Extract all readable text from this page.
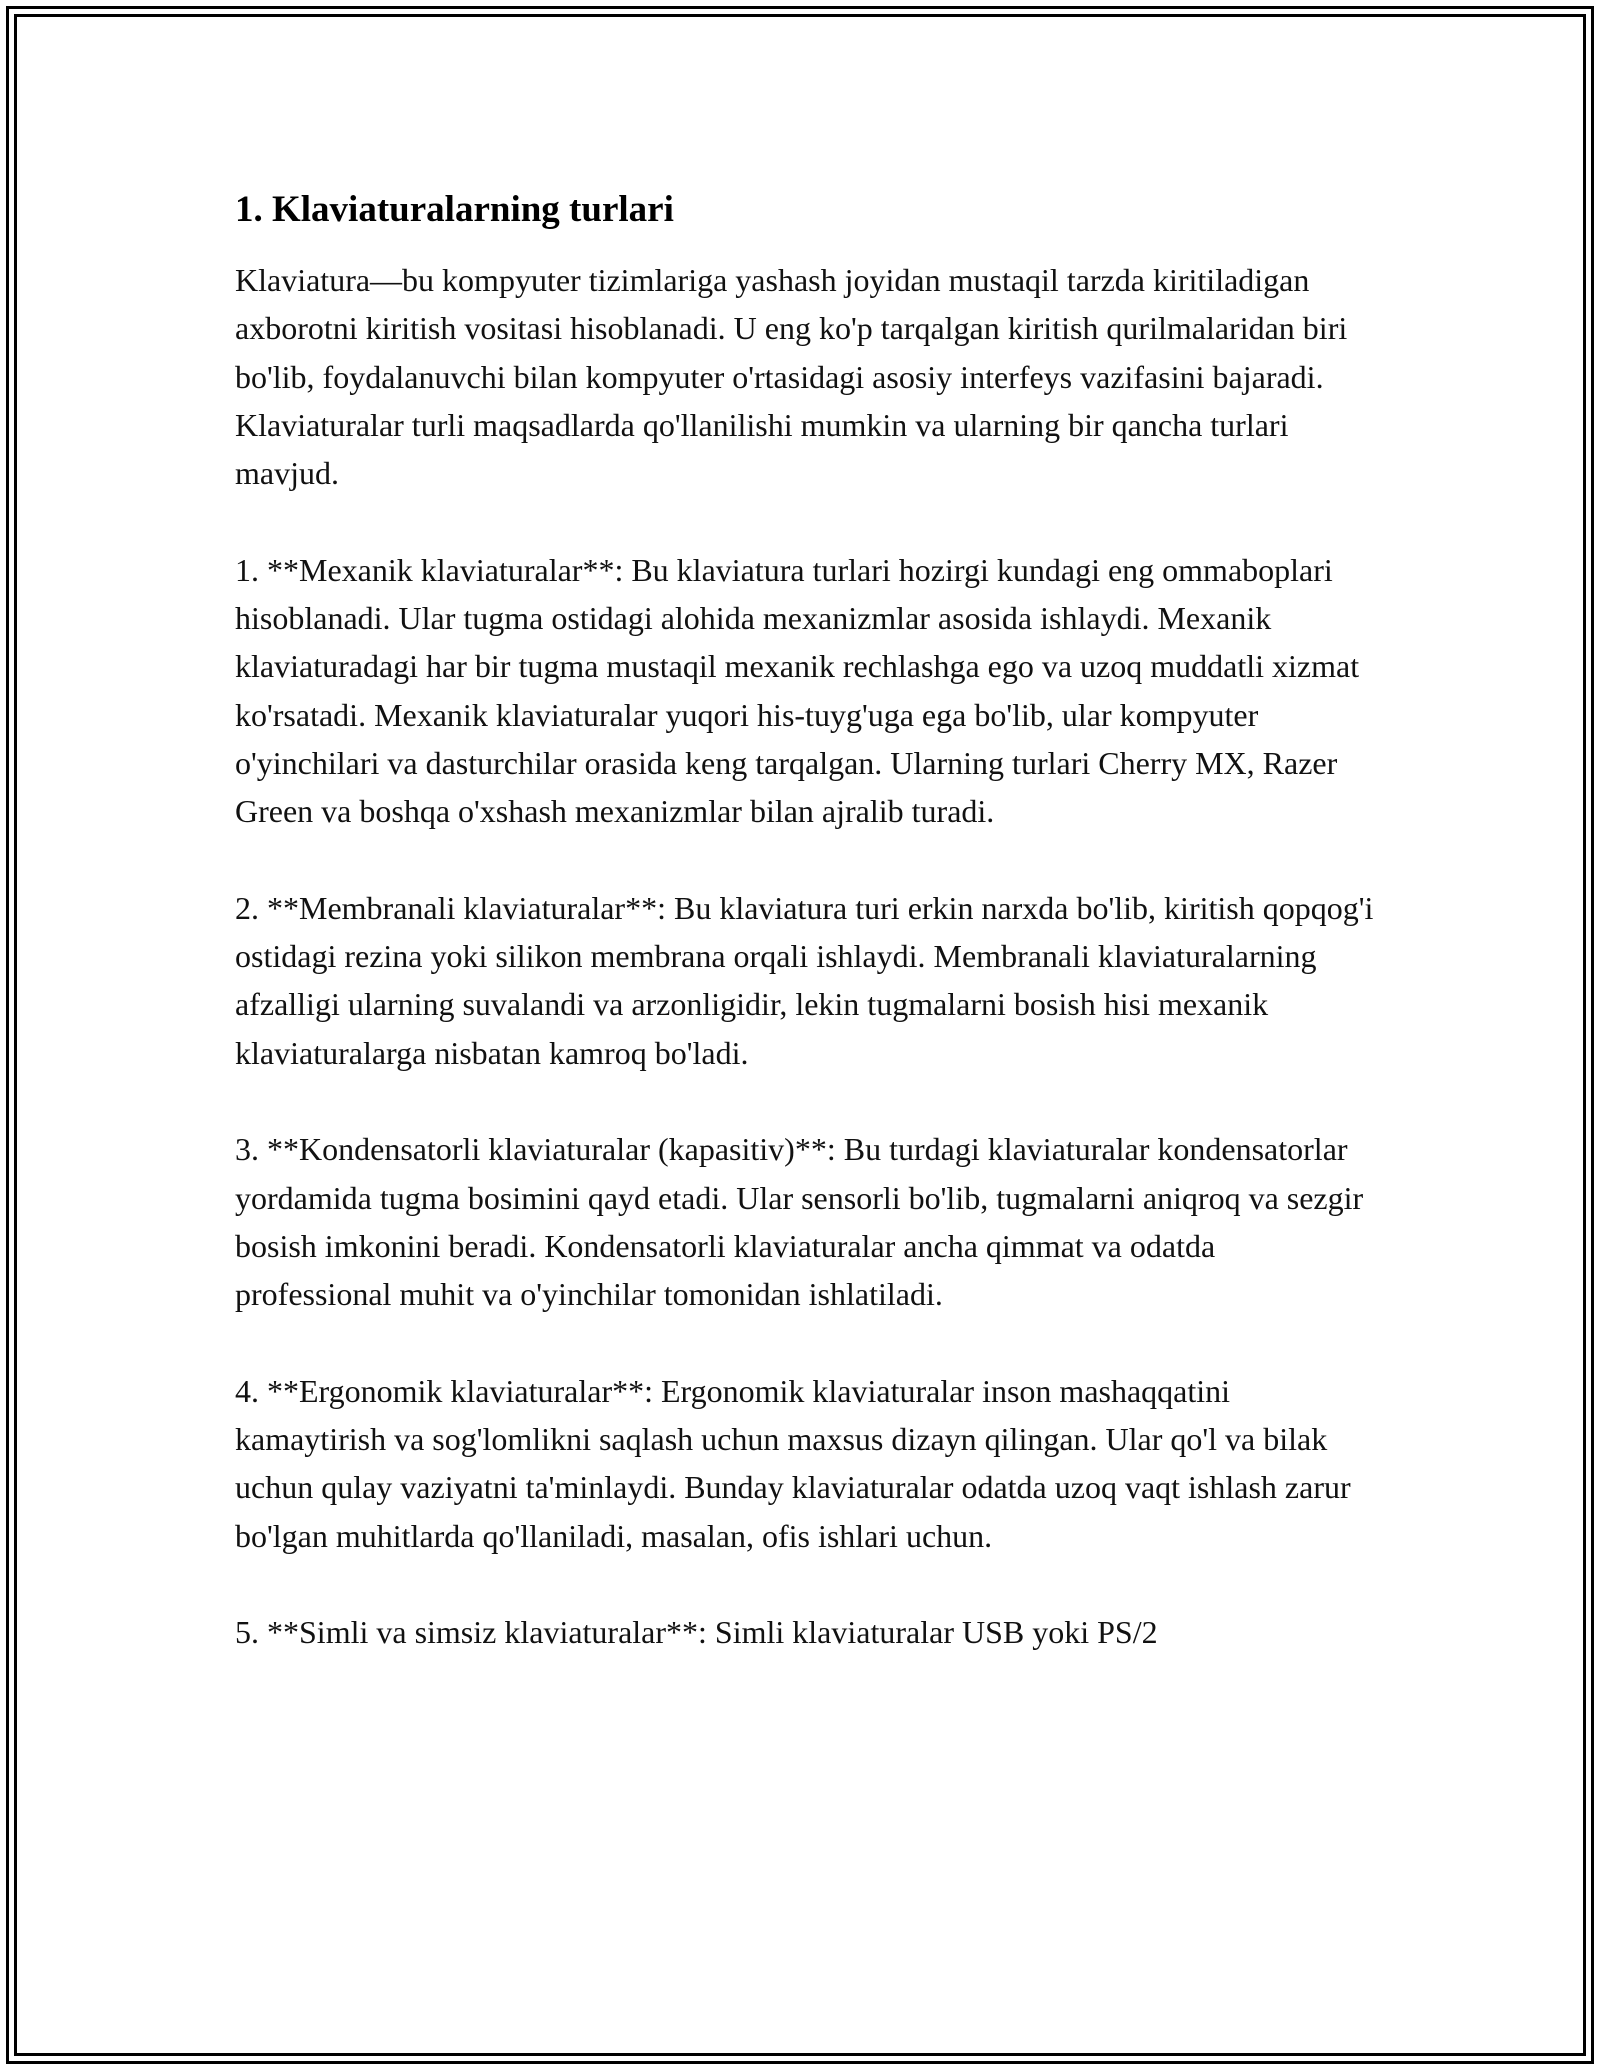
1. Klaviaturalarning turlari

Klaviatura—bu kompyuter tizimlariga yashash joyidan mustaqil tarzda kiritiladigan axborotni kiritish vositasi hisoblanadi. U eng ko'p tarqalgan kiritish qurilmalaridan biri bo'lib, foydalanuvchi bilan kompyuter o'rtasidagi asosiy interfeys vazifasini bajaradi. Klaviaturalar turli maqsadlarda qo'llanilishi mumkin va ularning bir qancha turlari mavjud.

1. **Mexanik klaviaturalar**: Bu klaviatura turlari hozirgi kundagi eng ommaboplari hisoblanadi. Ular tugma ostidagi alohida mexanizmlar asosida ishlaydi. Mexanik klaviaturadagi har bir tugma mustaqil mexanik rechlashga ego va uzoq muddatli xizmat ko'rsatadi. Mexanik klaviaturalar yuqori his-tuyg'uga ega bo'lib, ular kompyuter o'yinchilari va dasturchilar orasida keng tarqalgan. Ularning turlari Cherry MX, Razer Green va boshqa o'xshash mexanizmlar bilan ajralib turadi.

2. **Membranali klaviaturalar**: Bu klaviatura turi erkin narxda bo'lib, kiritish qopqog'i ostidagi rezina yoki silikon membrana orqali ishlaydi. Membranali klaviaturalarning afzalligi ularning suvalandi va arzonligidir, lekin tugmalarni bosish hisi mexanik klaviaturalarga nisbatan kamroq bo'ladi.

3. **Kondensatorli klaviaturalar (kapasitiv)**: Bu turdagi klaviaturalar kondensatorlar yordamida tugma bosimini qayd etadi. Ular sensorli bo'lib, tugmalarni aniqroq va sezgir bosish imkonini beradi. Kondensatorli klaviaturalar ancha qimmat va odatda professional muhit va o'yinchilar tomonidan ishlatiladi.

4. **Ergonomik klaviaturalar**: Ergonomik klaviaturalar inson mashaqqatini kamaytirish va sog'lomlikni saqlash uchun maxsus dizayn qilingan. Ular qo'l va bilak uchun qulay vaziyatni ta'minlaydi. Bunday klaviaturalar odatda uzoq vaqt ishlash zarur bo'lgan muhitlarda qo'llaniladi, masalan, ofis ishlari uchun.

5. **Simli va simsiz klaviaturalar**: Simli klaviaturalar USB yoki PS/2
